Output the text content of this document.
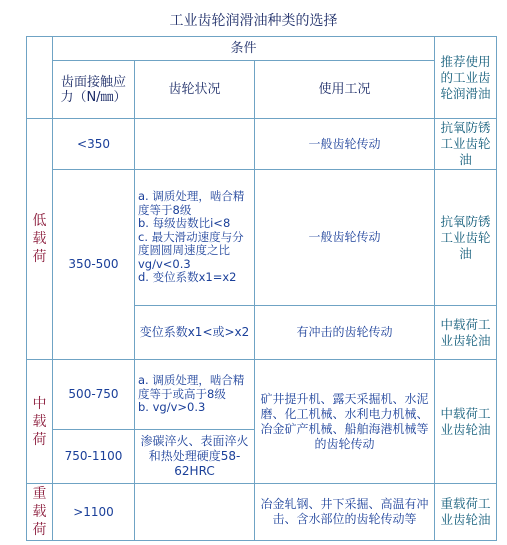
工业齿轮润滑油种类的选择
	条件			推荐使用的工业齿轮润滑油
	齿面接触应力（N/㎜）	齿轮状况	使用工况	
低载荷	<350		一般齿轮传动	抗氧防锈工业齿轮油
	350-500	a. 调质处理，啮合精度等于8级
b. 每级齿数比i<8
c. 最大滑动速度与分度圆圆周速度之比vg/v<0.3
d. 变位系数x1=x2	一般齿轮传动	抗氧防锈工业齿轮油
		变位系数x1<或>x2	有冲击的齿轮传动	中载荷工业齿轮油
中载荷	500-750	a. 调质处理，啮合精度等于或高于8级
b. vg/v>0.3	矿井提升机、露天采掘机、水泥磨、化工机械、水利电力机械、冶金矿产机械、船舶海港机械等的齿轮传动	中载荷工业齿轮油
	750-1100	渗碳淬火、表面淬火和热处理硬度58-62HRC		
重载荷	>1100		冶金轧钢、井下采掘、高温有冲击、含水部位的齿轮传动等	重载荷工业齿轮油
